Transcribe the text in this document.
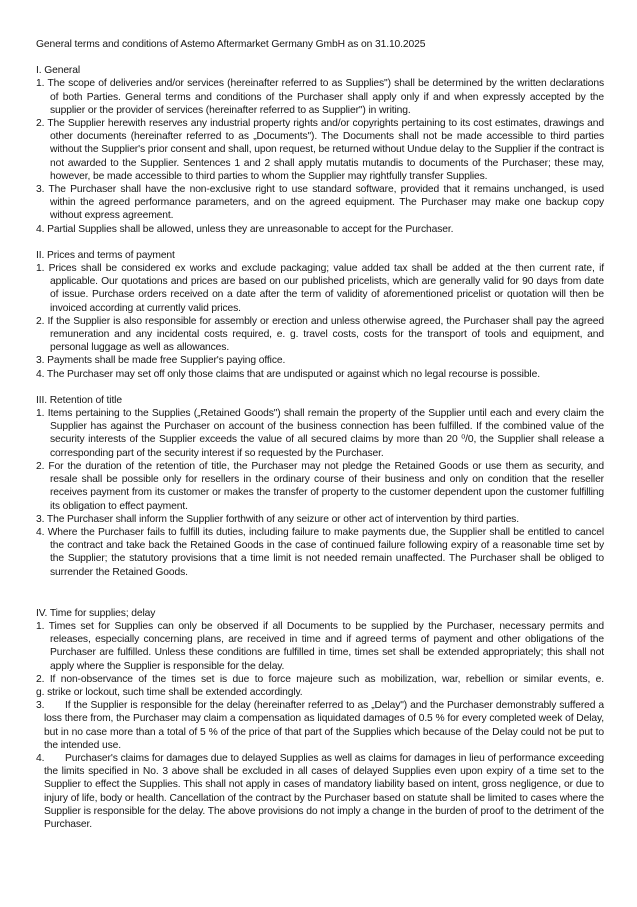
General terms and conditions of Astemo Aftermarket Germany GmbH as on 31.10.2025
I. General

1. The scope of deliveries and/or services (hereinafter referred to as Supplies") shall be determined by the written declarations of both Parties. General terms and conditions of the Purchaser shall apply only if and when expressly accepted by the supplier or the provider of services (hereinafter referred to as Supplier") in writing.

2. The Supplier herewith reserves any industrial property rights and/or copyrights pertaining to its cost estimates, drawings and other documents (hereinafter referred to as „Documents"). The Documents shall not be made accessible to third parties without the Supplier's prior consent and shall, upon request, be returned without Undue delay to the Supplier if the contract is not awarded to the Supplier. Sentences 1 and 2 shall apply mutatis mutandis to documents of the Purchaser; these may, however, be made accessible to third parties to whom the Supplier may rightfully transfer Supplies.

3. The Purchaser shall have the non-exclusive right to use standard software, provided that it remains unchanged, is used within the agreed performance parameters, and on the agreed equipment. The Purchaser may make one backup copy without express agreement.

4. Partial Supplies shall be allowed, unless they are unreasonable to accept for the Purchaser.

II. Prices and terms of payment

1. Prices shall be considered ex works and exclude packaging; value added tax shall be added at the then current rate, if applicable. Our quotations and prices are based on our published pricelists, which are generally valid for 90 days from date of issue. Purchase orders received on a date after the term of validity of aforementioned pricelist or quotation will then be invoiced according at currently valid prices.

2. If the Supplier is also responsible for assembly or erection and unless otherwise agreed, the Purchaser shall pay the agreed remuneration and any incidental costs required, e. g. travel costs, costs for the transport of tools and equipment, and personal luggage as well as allowances.

3. Payments shall be made free Supplier's paying office.

4. The Purchaser may set off only those claims that are undisputed or against which no legal recourse is possible.

III. Retention of title

1. Items pertaining to the Supplies („Retained Goods") shall remain the property of the Supplier until each and every claim the Supplier has against the Purchaser on account of the business connection has been fulfilled. If the combined value of the security interests of the Supplier exceeds the value of all secured claims by more than 20 ⁰/0, the Supplier shall release a corresponding part of the security interest if so requested by the Purchaser.

2. For the duration of the retention of title, the Purchaser may not pledge the Retained Goods or use them as security, and resale shall be possible only for resellers in the ordinary course of their business and only on condition that the reseller receives payment from its customer or makes the transfer of property to the customer dependent upon the customer fulfilling its obligation to effect payment.

3. The Purchaser shall inform the Supplier forthwith of any seizure or other act of intervention by third parties.

4. Where the Purchaser fails to fulfill its duties, including failure to make payments due, the Supplier shall be entitled to cancel the contract and take back the Retained Goods in the case of continued failure following expiry of a reasonable time set by the Supplier; the statutory provisions that a time limit is not needed remain unaffected. The Purchaser shall be obliged to surrender the Retained Goods.

IV. Time for supplies; delay

1. Times set for Supplies can only be observed if all Documents to be supplied by the Purchaser, necessary permits and releases, especially concerning plans, are received in time and if agreed terms of payment and other obligations of the Purchaser are fulfilled. Unless these conditions are fulfilled in time, times set shall be extended appropriately; this shall not apply where the Supplier is responsible for the delay.

2. If non-observance of the times set is due to force majeure such as mobilization, war, rebellion or similar events, e.

g. strike or lockout, such time shall be extended accordingly.

3. If the Supplier is responsible for the delay (hereinafter referred to as „Delay") and the Purchaser demonstrably suffered a loss there from, the Purchaser may claim a compensation as liquidated damages of 0.5 % for every completed week of Delay, but in no case more than a total of 5 % of the price of that part of the Supplies which because of the Delay could not be put to the intended use.

4. Purchaser's claims for damages due to delayed Supplies as well as claims for damages in lieu of performance exceeding the limits specified in No. 3 above shall be excluded in all cases of delayed Supplies even upon expiry of a time set to the Supplier to effect the Supplies. This shall not apply in cases of mandatory liability based on intent, gross negligence, or due to injury of life, body or health. Cancellation of the contract by the Purchaser based on statute shall be limited to cases where the Supplier is responsible for the delay. The above provisions do not imply a change in the burden of proof to the detriment of the Purchaser.
